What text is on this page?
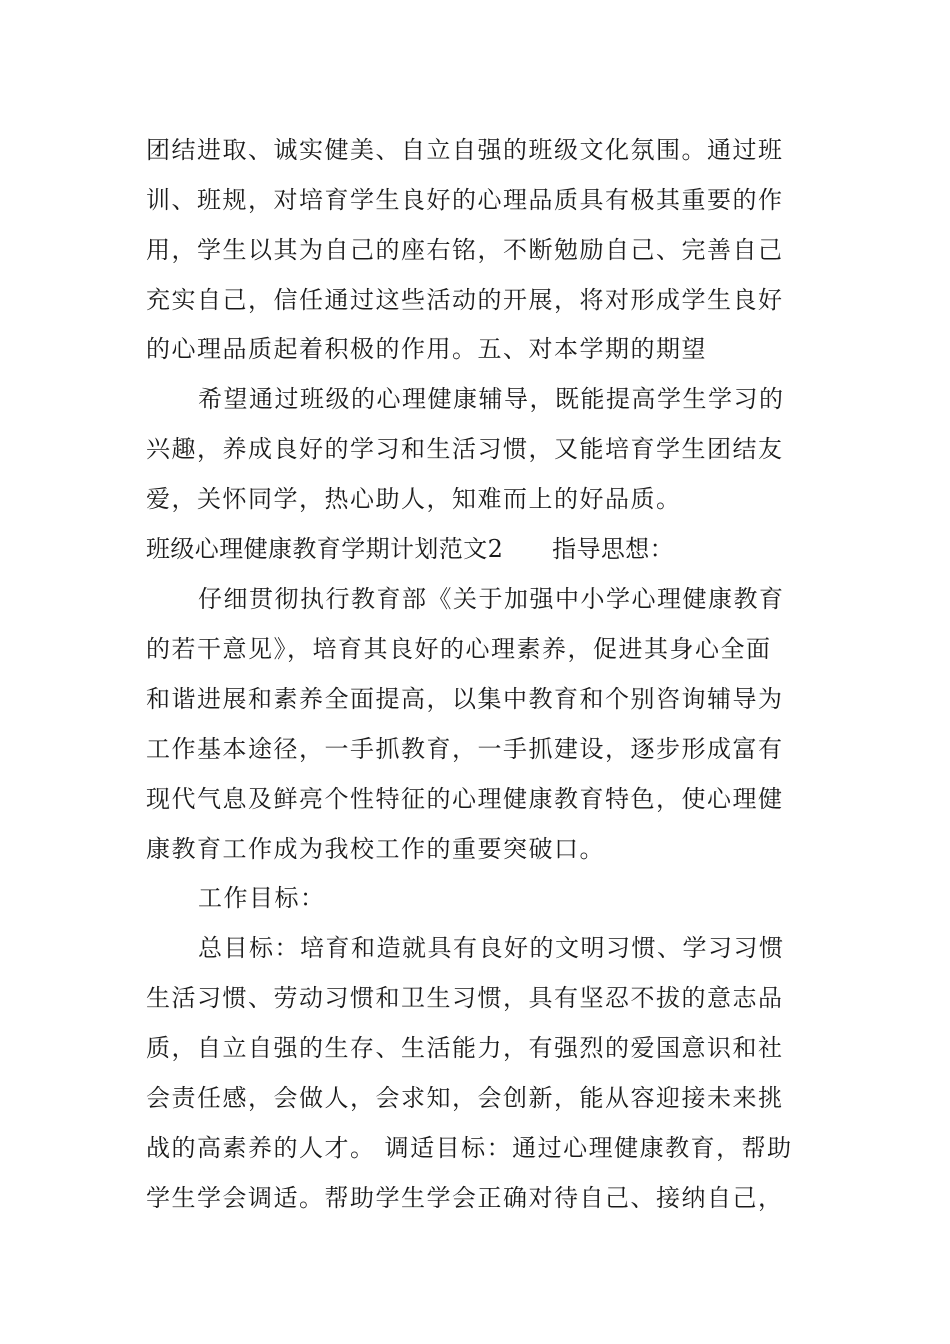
团结进取、诚实健美、自立自强的班级文化氛围。通过班
训、班规，对培育学生良好的心理品质具有极其重要的作
用，学生以其为自己的座右铭，不断勉励自己、完善自己
充实自己，信任通过这些活动的开展，将对形成学生良好
的心理品质起着积极的作用。五、对本学期的期望
希望通过班级的心理健康辅导，既能提高学生学习的
兴趣，养成良好的学习和生活习惯，又能培育学生团结友
爱，关怀同学，热心助人，知难而上的好品质。
班级心理健康教育学期计划范文2　　指导思想：
仔细贯彻执行教育部《关于加强中小学心理健康教育
的若干意见》，培育其良好的心理素养，促进其身心全面
和谐进展和素养全面提高，以集中教育和个别咨询辅导为
工作基本途径，一手抓教育，一手抓建设，逐步形成富有
现代气息及鲜亮个性特征的心理健康教育特色，使心理健
康教育工作成为我校工作的重要突破口。
工作目标：
总目标：培育和造就具有良好的文明习惯、学习习惯
生活习惯、劳动习惯和卫生习惯，具有坚忍不拔的意志品
质，自立自强的生存、生活能力，有强烈的爱国意识和社
会责任感，会做人，会求知，会创新，能从容迎接未来挑
战的高素养的人才。 调适目标：通过心理健康教育，帮助
学生学会调适。帮助学生学会正确对待自己、接纳自己，
